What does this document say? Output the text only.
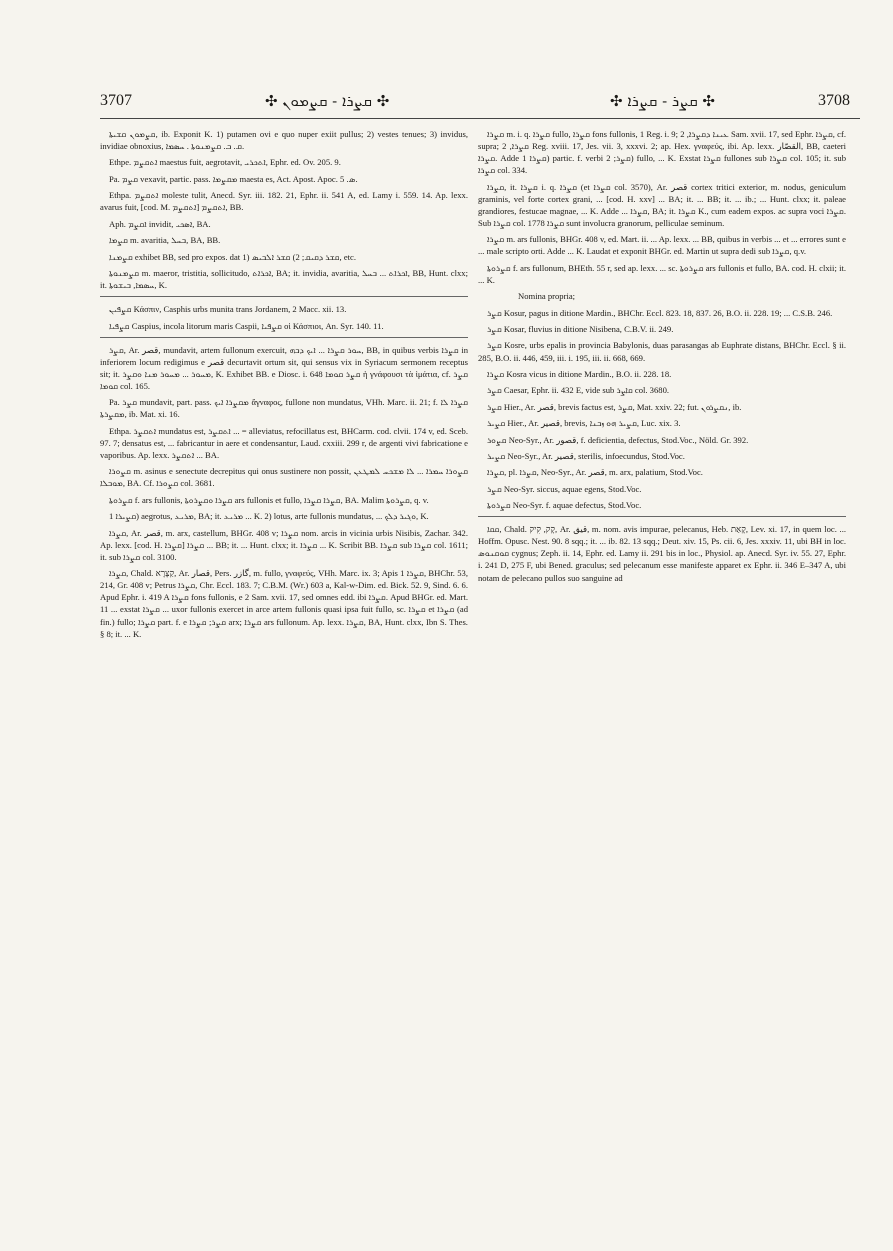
3707	✣ ܩܨܪܐ - ܩܨܡܘܢ ✣	✣ ܩܨܪ - ܩܨܪܐ ✣	3708

ܩܨܡܘܢ ܩܫܝܬܐ, ib. Exponit K. 1) putamen ovi e quo nuper exiit pullus; 2) vestes tenues; 3) invidus, invidiae obnoxius, ܩ. ܒ. ܩܨܡܢܘܬܐ . ܚܣܡܐ.

Ethpe. ܐܬܩܨܡ maestus fuit, aegrotavit, ܐܬܟܪܝ, Ephr. ed. Ov. 205. 9.

Pa. ܩܨܡ vexavit, partic. pass. ܡܩܨܡܐ maesta es, Act. Apost. Apoc. ܣ. 5.

Ethpa. ܐܬܩܨܡ moleste tulit, Anecd. Syr. iii. 182. 21, Ephr. ii. 541 A, ed. Lamy i. 559. 14. Ap. lexx. avarus fuit, [cod. M. ܐܬܩܨܡ] ܐܬܩܨܡ, BB.

Aph. ܐܩܨܡ invidit, ܐܣܟܝ, BA.

ܩܨܡܐ m. avaritia, ܒܚܠ, BA, BB.

ܩܨܡܢܐ exhibet BB, sed pro expos. dat 1) ܩܫܪ ܕܩܝܩ; 2) ܩܫܪ ܐܠܒܝܣ, etc.

ܩܨܡܢܘܬܐ m. maeror, tristitia, sollicitudo, ܐܟܪܐܬ, BA; it. invidia, avaritia, ܐܟܪܐܬ ... ܒܚܠ, BB, Hunt. clxx; it. ܚܣܡܐ, ܒܝܫܘܬܐ, K.

ܩܨܦܝܢ Κάσπιν, Casphis urbs munita trans Jordanem, 2 Macc. xii. 13.

ܩܨܦܝܐ Caspius, incola litorum maris Caspii, ܩܨܦܝܐ οἱ Κάσπιοι, An. Syr. 140. 11.

ܩܨܪ, Ar. قصر, mundavit, artem fullonum exercuit, ܚܘܪ ܩܨܪܐ ... ܐܝܟ ܕܒܗ, BB, in quibus verbis ܩܨܪܐ in inferiorem locum redigimus e قصر decurtavit ortum sit, qui sensus vix in Syriacum sermonem receptus sit; it. ܡܚܘܪ ... ܡܚܘܪ ܡܢܐ ܘܩܨܪ, K. Exhibet BB. e Diosc. i. 648 ܩܨܪ ܩܘܡܐ ἡ γνάφουσι τὰ ἱμάτια, cf. ܩܨܪ ܩܘܡܐ col. 165.

Pa. ܩܨܪ mundavit, part. pass. ܡܩܨܪܐ ܐܝܟ ἄγναφος, fullone non mundatus, VHh. Marc. ii. 21; f. ܩܨܪܐ ܠܐ ܡܩܨܪܬܐ, ib. Mat. xi. 16.

Ethpa. ܐܬܩܨܪ mundatus est, ܐܬܩܨܪ ... = alleviatus, refocillatus est, BHCarm. cod. clvii. 174 v, ed. Sceb. 97. 7; densatus est, ... fabricantur in aere et condensantur, Laud. cxxiii. 299 r, de argenti vivi fabricatione e vaporibus. Ap. lexx. ܐܬܩܨܪ ... BA.

ܩܨܘܪܐ m. asinus e senectute decrepitus qui onus sustinere non possit, ܩܨܘܪܐ ܚܡܪܐ ... ܠܐ ܡܫܟܚ ܠܡܛܥܢ ܡܘܒܠܐ, BA. Cf. ܩܨܘܪܐ col. 3681.

ܩܨܪܘܬܐ f. ars fullonis, ܩܨܪܐ ܘܩܨܪܘܬܐ ars fullonis et fullo, ܩܨܪܐ ܩܨܪܐ, BA. Malim ܩܨܪܘܬܐ, q. v.

ܩܨܝܪܐ 1) aegrotus, ܡܪܝܥ, BA; it. ܡܪܝܥ ... K. 2) lotus, arte fullonis mundatus, ... ܘܓܝܪ ܕܠܟ, K.

ܩܨܪܐ, Ar. قصر, m. arx, castellum, BHGr. 408 v; ܩܨܪܐ nom. arcis in vicinia urbis Nisibis, Zachar. 342. Ap. lexx. [cod. H. ܩܨܪܐ] ܩܨܪܐ ... BB; it. ... Hunt. clxx; it. ܩܨܪܐ ... K. Scribit BB. ܩܨܪܐ sub ܩܨܪܐ col. 1611; it. sub ܩܨܪܐ col. 3100.

ܩܨܪܐ, Chald. קַצָּרָא, Ar. قصار, Pers. گازر, m. fullo, γναφεύς, VHh. Marc. ix. 3; Apis ܩܨܪܐ 1, BHChr. 53, 214, Gr. 408 v; Petrus ܩܨܪܐ, Chr. Eccl. 183. 7; C.B.M. (Wr.) 603 a, Kal-w-Dim. ed. Bick. 52. 9, Sind. 6. 6. Apud Ephr. i. 419 A ܩܨܪܐ fons fullonis, e 2 Sam. xvii. 17, sed omnes edd. ibi ܩܨܪܐ. Apud BHGr. ed. Mart. 11 ... exstat ܩܨܪܐ ... uxor fullonis exercet in arce artem fullonis quasi ipsa fuit fullo, sc. ܩܨܪܐ et ܩܨܪܐ (ad fin.) fullo; ܩܨܪܐ part. f. e ܩܨܪ; ܩܨܪܐ arx; ܩܨܪܐ ars fullonum. Ap. lexx. ܩܨܪܐ, BA, Hunt. clxx, Ibn S. Thes. § 8; it. ... K.

ܩܨܪܐ m. i. q. ܩܨܪܐ fullo, ܩܨܪܐ fons fullonis, 1 Reg. i. 9; ܥܝܢܐ ܕܩܨܪܐ, 2 Sam. xvii. 17, sed Ephr. ܩܨܪܐ, cf. supra; ܩܨܪܐ, 2 Reg. xviii. 17, Jes. vii. 3, xxxvi. 2; ap. Hex. γναφεύς, ibi. Ap. lexx. القصّار, BB, caeteri ܩܨܪܐ. Adde ܩܨܪܐ 1) partic. f. verbi ܩܨܪ; 2) fullo, ... K. Exstat ܩܨܪܐ fullones sub ܩܨܪܐ col. 105; it. sub ܩܨܪܐ col. 334.

ܩܨܪܐ, it. ܩܨܪܐ i. q. ܩܨܪܐ (et ܩܨܪܐ col. 3570), Ar. قصر cortex tritici exterior, m. nodus, geniculum graminis, vel forte cortex grani, ... [cod. H. xxv] ... BA; it. ... BB; it. ... ib.; ... Hunt. clxx; it. paleae grandiores, festucae magnae, ... K. Adde ... ܩܨܪܐ, BA; it. ܩܨܪܐ K., cum eadem expos. ac supra voci ܩܨܪܐ. Sub ܩܨܪܐ col. 1778 ܩܨܪܐ sunt involucra granorum, pelliculae seminum.

ܩܨܪܐ m. ars fullonis, BHGr. 408 v, ed. Mart. ii. ... Ap. lexx. ... BB, quibus in verbis ... et ... errores sunt e ... male scripto orti. Adde ... K. Laudat et exponit BHGr. ed. Martin ut supra dedi sub ܩܨܪܐ, q.v.

ܩܨܪܘܬܐ f. ars fullonum, BHEth. 55 r, sed ap. lexx. ... sc. ܩܨܪܘܬܐ ars fullonis et fullo, BA. cod. H. clxii; it. ... K.

Nomina propria;

ܩܨܪ Kosur, pagus in ditione Mardin., BHChr. Eccl. 823. 18, 837. 26, B.O. ii. 228. 19; ... C.S.B. 246.

ܩܨܪ Kosar, fluvius in ditione Nisibena, C.B.V. ii. 249.

ܩܨܪ Kosre, urbs epalis in provincia Babylonis, duas parasangas ab Euphrate distans, BHChr. Eccl. § ii. 285, B.O. ii. 446, 459, iii. i. 195, iii. ii. 668, 669.

ܩܨܪܐ Kosra vicus in ditione Mardin., B.O. ii. 228. 18.

ܩܨܪ Caesar, Ephr. ii. 432 E, vide sub ܩܐܨܪ col. 3680.

ܩܨܪ Hier., Ar. قصر, brevis factus est, ܩܨܪ, Mat. xxiv. 22; fut. ܢܩܨܪܘܢ, ib.

ܩܨܝܪ Hier., Ar. قصير, brevis, ܩܨܝܪ ܗܘ ܙܒܢܐ, Luc. xix. 3.

ܩܨܘܪ Neo-Syr., Ar. قصور, f. deficientia, defectus, Stod.Voc., Nöld. Gr. 392.

ܩܨܝܪ Neo-Syr., Ar. قصير, sterilis, infoecundus, Stod.Voc.

ܩܨܪܐ, pl. ܩܨܪܐ, Neo-Syr., Ar. قصر, m. arx, palatium, Stod.Voc.

ܩܨܪ Neo-Syr. siccus, aquae egens, Stod.Voc.

ܩܨܪܘܬܐ Neo-Syr. f. aquae defectus, Stod.Voc.

ܩܩܐ, Chald. קָק, קִיק, Ar. قيق, m. nom. avis impurae, pelecanus, Heb. קָאַת, Lev. xi. 17, in quem loc. ... Hoffm. Opusc. Nest. 90. 8 sqq.; it. ... ib. 82. 13 sqq.; Deut. xiv. 15, Ps. cii. 6, Jes. xxxiv. 11, ubi BH in loc. ܩܘܩܢܘܣ cygnus; Zeph. ii. 14, Ephr. ed. Lamy ii. 291 bis in loc., Physiol. ap. Anecd. Syr. iv. 55. 27, Ephr. i. 241 D, 275 F, ubi Bened. graculus; sed pelecanum esse manifeste apparet ex Ephr. ii. 346 E–347 A, ubi notam de pelecano pullos suo sanguine ad
